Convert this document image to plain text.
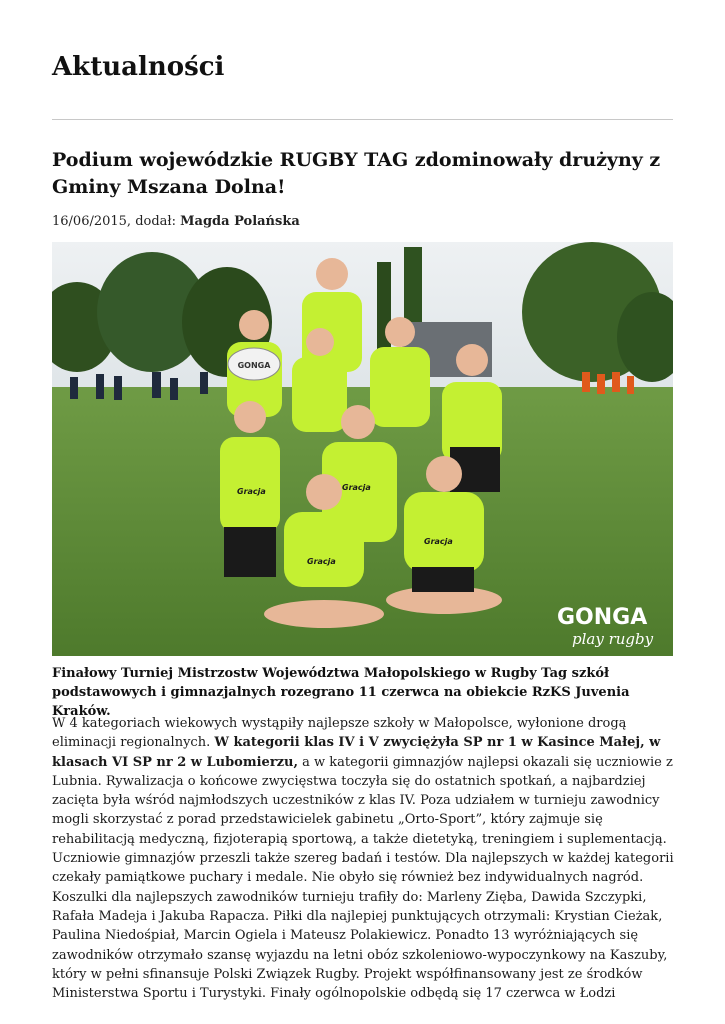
Aktualności
Podium wojewódzkie RUGBY TAG zdominowały drużyny z Gminy Mszana Dolna!
16/06/2015, dodał: Magda Polańska
GONGA
Gracja	Gracja
Gracja
Gracja
GONGA
play rugby

Finałowy Turniej Mistrzostw Województwa Małopolskiego w Rugby Tag szkół podstawowych i gimnazjalnych rozegrano 11 czerwca na obiekcie RzKS Juvenia Kraków.

W 4 kategoriach wiekowych wystąpiły najlepsze szkoły w Małopolsce, wyłonione drogą eliminacji regionalnych. W kategorii klas IV i V zwyciężyła SP nr 1 w Kasince Małej, w klasach VI SP nr 2 w Lubomierzu, a w kategorii gimnazjów najlepsi okazali się uczniowie z Lubnia. Rywalizacja o końcowe zwycięstwa toczyła się do ostatnich spotkań, a najbardziej zacięta była wśród najmłodszych uczestników z klas IV. Poza udziałem w turnieju zawodnicy mogli skorzystać z porad przedstawicielek gabinetu „Orto-Sport”, który zajmuje się rehabilitacją medyczną, fizjoterapią sportową, a także dietetyką, treningiem i suplementacją. Uczniowie gimnazjów przeszli także szereg badań i testów. Dla najlepszych w każdej kategorii czekały pamiątkowe puchary i medale. Nie obyło się również bez indywidualnych nagród. Koszulki dla najlepszych zawodników turnieju trafiły do: Marleny Zięba, Dawida Szczypki, Rafała Madeja i Jakuba Rapacza. Piłki dla najlepiej punktujących otrzymali: Krystian Cieżak, Paulina Niedośpiał, Marcin Ogiela i Mateusz Polakiewicz. Ponadto 13 wyróżniających się zawodników otrzymało szansę wyjazdu na letni obóz szkoleniowo-wypoczynkowy na Kaszuby, który w pełni sfinansuje Polski Związek Rugby. Projekt współfinansowany jest ze środków Ministerstwa Sportu i Turystyki. Finały ogólnopolskie odbędą się 17 czerwca w Łodzi
